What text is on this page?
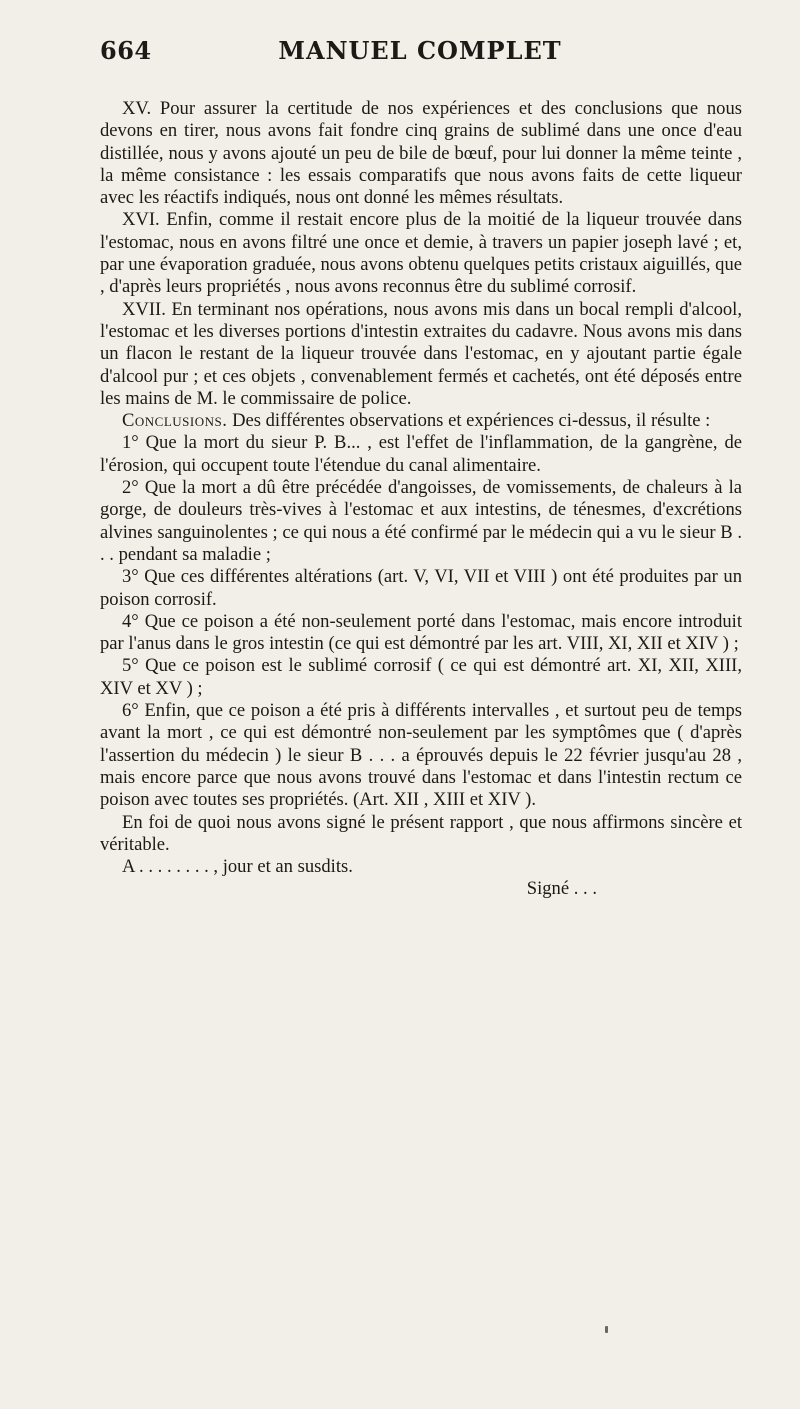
664	MANUEL COMPLET

XV. Pour assurer la certitude de nos expériences et des conclusions que nous devons en tirer, nous avons fait fondre cinq grains de sublimé dans une once d'eau distillée, nous y avons ajouté un peu de bile de bœuf, pour lui donner la même teinte , la même consistance : les essais comparatifs que nous avons faits de cette liqueur avec les réactifs indiqués, nous ont donné les mêmes résultats.

XVI. Enfin, comme il restait encore plus de la moitié de la liqueur trouvée dans l'estomac, nous en avons filtré une once et demie, à travers un papier joseph lavé ; et, par une évaporation graduée, nous avons obtenu quelques petits cristaux aiguillés, que , d'après leurs propriétés , nous avons reconnus être du sublimé corrosif.

XVII. En terminant nos opérations, nous avons mis dans un bocal rempli d'alcool, l'estomac et les diverses portions d'intestin extraites du cadavre. Nous avons mis dans un flacon le restant de la liqueur trouvée dans l'estomac, en y ajoutant partie égale d'alcool pur ; et ces objets , convenablement fermés et cachetés, ont été déposés entre les mains de M. le commissaire de police.

Conclusions. Des différentes observations et expériences ci-dessus, il résulte :

1° Que la mort du sieur P. B... , est l'effet de l'inflammation, de la gangrène, de l'érosion, qui occupent toute l'étendue du canal alimentaire.

2° Que la mort a dû être précédée d'angoisses, de vomissements, de chaleurs à la gorge, de douleurs très-vives à l'estomac et aux intestins, de ténesmes, d'excrétions alvines sanguinolentes ; ce qui nous a été confirmé par le médecin qui a vu le sieur B . . . pendant sa maladie ;

3° Que ces différentes altérations (art. V, VI, VII et VIII ) ont été produites par un poison corrosif.

4° Que ce poison a été non-seulement porté dans l'estomac, mais encore introduit par l'anus dans le gros intestin (ce qui est démontré par les art. VIII, XI, XII et XIV ) ;

5° Que ce poison est le sublimé corrosif ( ce qui est démontré art. XI, XII, XIII, XIV et XV ) ;

6° Enfin, que ce poison a été pris à différents intervalles , et surtout peu de temps avant la mort , ce qui est démontré non-seulement par les symptômes que ( d'après l'assertion du médecin ) le sieur B . . . a éprouvés depuis le 22 février jusqu'au 28 , mais encore parce que nous avons trouvé dans l'estomac et dans l'intestin rectum ce poison avec toutes ses propriétés. (Art. XII , XIII et XIV ).

En foi de quoi nous avons signé le présent rapport , que nous affirmons sincère et véritable.

A . . . . . . . . , jour et an susdits.

Signé . . .
